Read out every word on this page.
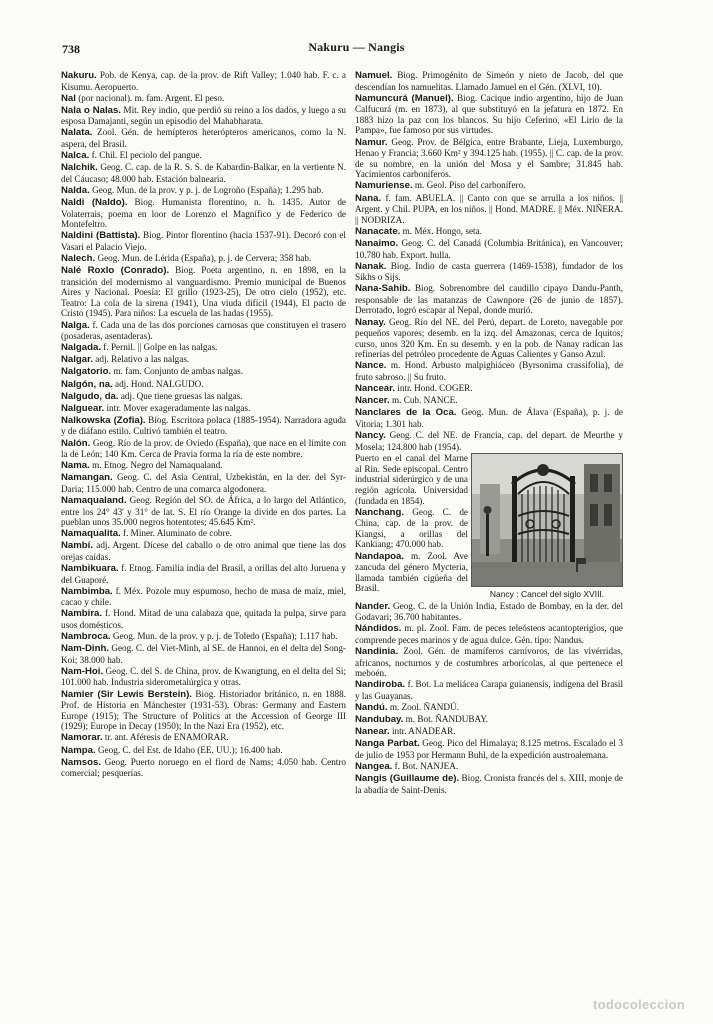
738	Nakuru — Nangis

Nakuru. Pob. de Kenya, cap. de la prov. de Rift Valley; 1.040 hab. F. c. a Kisumu. Aeropuerto.

Nal (por nacional). m. fam. Argent. El peso.

Nala o Nalas. Mit. Rey indio, que perdió su reino a los dados, y luego a su esposa Damajanti, según un episodio del Mahabharata.

Nalata. Zool. Gén. de hemípteros heterópteros americanos, como la N. aspera, del Brasil.

Nalca. f. Chil. El peciolo del pangue.

Nalchik. Geog. C. cap. de la R. S. S. de Kabardin-Balkar, en la vertiente N. del Cáucaso; 48.000 hab. Estación balnearia.

Nalda. Geog. Mun. de la prov. y p. j. de Logroño (España); 1.295 hab.

Naldi (Naldo). Biog. Humanista florentino, n. h. 1435. Autor de Volaterrais, poema en loor de Lorenzo el Magnífico y de Federico de Montefeltro.

Naldini (Battista). Biog. Pintor florentino (hacia 1537-91). Decoró con el Vasari el Palacio Viejo.

Nalech. Geog. Mun. de Lérida (España), p. j. de Cervera; 358 hab.

Nalé Roxlo (Conrado). Biog. Poeta argentino, n. en 1898, en la transición del modernismo al vanguardismo. Premio municipal de Buenos Aires y Nacional. Poesía: El grillo (1923-25), De otro cielo (1952), etc. Teatro: La cola de la sirena (1941), Una viuda difícil (1944), El pacto de Cristo (1945). Para niños: La escuela de las hadas (1955).

Nalga. f. Cada una de las dos porciones carnosas que constituyen el trasero (posaderas, asentaderas).

Nalgada. f. Pernil. || Golpe en las nalgas.

Nalgar. adj. Relativo a las nalgas.

Nalgatorio. m. fam. Conjunto de ambas nalgas.

Nalgón, na. adj. Hond. NALGUDO.

Nalgudo, da. adj. Que tiene gruesas las nalgas.

Nalguear. intr. Mover exageradamente las nalgas.

Nalkowska (Zofia). Biog. Escritora polaca (1885-1954). Narradora aguda y de diáfano estilo. Cultivó también el teatro.

Nalón. Geog. Río de la prov. de Oviedo (España), que nace en el límite con la de León; 140 Km. Cerca de Pravia forma la ría de este nombre.

Nama. m. Etnog. Negro del Namaqualand.

Namangan. Geog. C. del Asia Central, Uzbekistán, en la der. del Syr-Daria; 115.000 hab. Centro de una comarca algodonera.

Namaqualand. Geog. Región del SO. de África, a lo largo del Atlántico, entre los 24° 43' y 31° de lat. S. El río Orange la divide en dos partes. La pueblan unos 35.000 negros hotentotes; 45.645 Km².

Namaqualita. f. Miner. Aluminato de cobre.

Nambí. adj. Argent. Dícese del caballo o de otro animal que tiene las dos orejas caídas.

Nambikuara. f. Etnog. Familia india del Brasil, a orillas del alto Juruena y del Guaporé.

Nambimba. f. Méx. Pozole muy espumoso, hecho de masa de maíz, miel, cacao y chile.

Nambira. f. Hond. Mitad de una calabaza que, quitada la pulpa, sirve para usos domésticos.

Nambroca. Geog. Mun. de la prov. y p. j. de Toledo (España); 1.117 hab.

Nam-Dinh. Geog. C. del Viet-Minh, al SE. de Hannoi, en el delta del Song-Koi; 38.000 hab.

Nam-Hoi. Geog. C. del S. de China, prov. de Kwangtung, en el delta del Si; 101.000 hab. Industria siderometalúrgica y otras.

Namier (Sir Lewis Berstein). Biog. Historiador británico, n. en 1888. Prof. de Historia en Mánchester (1931-53). Obras: Germany and Eastern Europe (1915); The Structure of Politics at the Accession of George III (1929); Europe in Decay (1950); In the Nazi Era (1952), etc.

Namorar. tr. ant. Aféresis de ENAMORAR.

Nampa. Geog. C. del Est. de Idaho (EE. UU.); 16.400 hab.

Namsos. Geog. Puerto noruego en el fiord de Nams; 4.050 hab. Centro comercial; pesquerías.

Namuel. Biog. Primogénito de Simeón y nieto de Jacob, del que descendían los namuelitas. Llamado Jamuel en el Gén. (XLVI, 10).

Namuncurá (Manuel). Biog. Cacique indio argentino, hijo de Juan Calfucurá (m. en 1873), al que substituyó en la jefatura en 1872. En 1883 hizo la paz con los blancos. Su hijo Ceferino, «El Lirio de la Pampa», fue famoso por sus virtudes.

Namur. Geog. Prov. de Bélgica, entre Brabante, Lieja, Luxemburgo, Henao y Francia; 3.660 Km² y 394.125 hab. (1955). || C. cap. de la prov. de su nombre, en la unión del Mosa y el Sambre; 31.845 hab. Yacimientos carboníferos.

Namuriense. m. Geol. Piso del carbonífero.

Nana. f. fam. ABUELA. || Canto con que se arrulla a los niños. || Argent. y Chil. PUPA, en los niños. || Hond. MADRE. || Méx. NIÑERA. || NODRIZA.

Nanacate. m. Méx. Hongo, seta.

Nanaimo. Geog. C. del Canadá (Columbia Británica), en Vancouver; 10.780 hab. Export. hulla.

Nanak. Biog. Indio de casta guerrera (1469-1538), fundador de los Sikhs o Sijs.

Nana-Sahib. Biog. Sobrenombre del caudillo cipayo Dandu-Panth, responsable de las matanzas de Cawnpore (26 de junio de 1857). Derrotado, logró escapar al Nepal, donde murió.

Nanay. Geog. Río del NE. del Perú, depart. de Loreto, navegable por pequeños vapores; desemb. en la izq. del Amazonas, cerca de Iquitos; curso, unos 320 Km. En su desemb. y en la pob. de Nanay radican las refinerías del petróleo procedente de Aguas Calientes y Ganso Azul.

Nance. m. Hond. Arbusto malpighiáceo (Byrsonima crassifolia), de fruto sabroso. || Su fruto.

Nancear. intr. Hond. COGER.

Nancer. m. Cub. NANCE.

Nanclares de la Oca. Geog. Mun. de Álava (España), p. j. de Vitoria; 1.301 hab.

Nancy. Geog. C. del NE. de Francia, cap. del depart. de Meurthe y Mosela; 124.800 hab (1954).

Puerto en el canal del Marne al Rin. Sede episcopal. Centro industrial siderúrgico y de una región agrícola. Universidad (fundada en 1854).

Nanchang. Geog. C. de China, cap. de la prov. de Kiangsi, a orillas del Kankiang; 470.000 hab.

Nandapoa. m. Zool. Ave zancuda del género Mycteria, llamada también cigüeña del Brasil.

Nancy : Cancel del siglo XVIII.

Nander. Geog. C. de la Unión India, Estado de Bombay, en la der. del Godavari; 36.700 habitantes.

Nándidos. m. pl. Zool. Fam. de peces teleósteos acantopterigios, que comprende peces marinos y de agua dulce. Gén. tipo: Nandus.

Nandinia. Zool. Gén. de mamíferos carnívoros, de las vivérridas, africanos, nocturnos y de costumbres arborícolas, al que pertenece el meboén.

Nandiroba. f. Bot. La meliácea Carapa guianensis, indígena del Brasil y las Guayanas.

Nandú. m. Zool. ÑANDÚ.

Nandubay. m. Bot. ÑANDUBAY.

Nanear. intr. ANADEAR.

Nanga Parbat. Geog. Pico del Himalaya; 8.125 metros. Escalado el 3 de julio de 1953 por Hermann Buhl, de la expedición austroalemana.

Nangea. f. Bot. NANJEA.

Nangis (Guillaume de). Biog. Cronista francés del s. XIII, monje de la abadía de Saint-Denis.

todocoleccion
